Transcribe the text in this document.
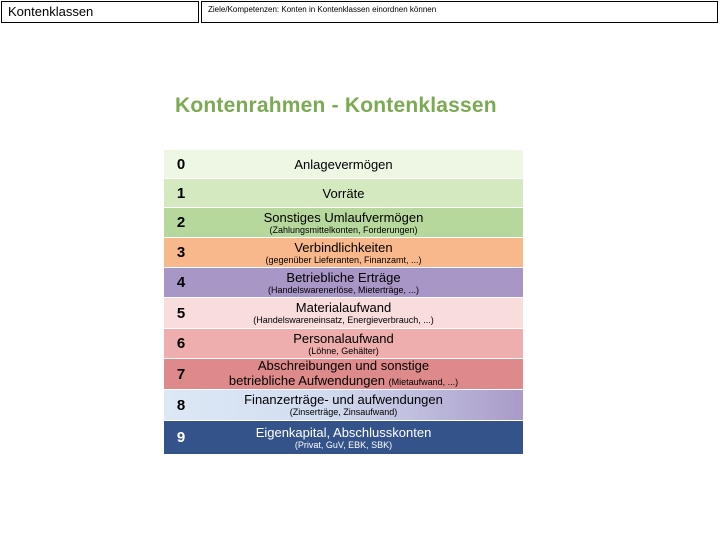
Kontenklassen	Ziele/Kompetenzen: Konten in Kontenklassen einordnen können
Kontenrahmen - Kontenklassen
0	Anlagevermögen
1	Vorräte
2	Sonstiges Umlaufvermögen
(Zahlungsmittelkonten, Forderungen)
3	Verbindlichkeiten
(gegenüber Lieferanten, Finanzamt, ...)
4	Betriebliche Erträge
(Handelswarenerlöse, Mieterträge, ...)
5	Materialaufwand
(Handelswareneinsatz, Energieverbrauch, ...)
6	Personalaufwand
(Löhne, Gehälter)
7	Abschreibungen und sonstige
betriebliche Aufwendungen (Mietaufwand, ...)
8	Finanzerträge- und aufwendungen
(Zinserträge, Zinsaufwand)
9	Eigenkapital, Abschlusskonten
(Privat, GuV, EBK, SBK)
